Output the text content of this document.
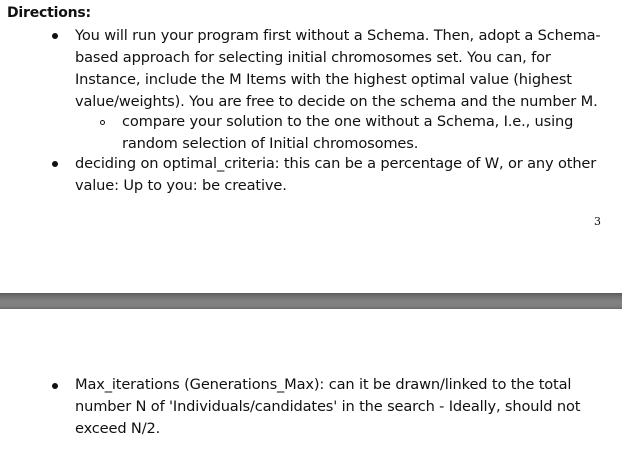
Directions:
You will run your program first without a Schema. Then, adopt a Schema-
based approach for selecting initial chromosomes set. You can, for
Instance, include the M Items with the highest optimal value (highest
value/weights). You are free to decide on the schema and the number M.
compare your solution to the one without a Schema, I.e., using
random selection of Initial chromosomes.
deciding on optimal_criteria: this can be a percentage of W, or any other
value: Up to you: be creative.
3
Max_iterations (Generations_Max): can it be drawn/linked to the total
number N of 'Individuals/candidates' in the search - Ideally, should not
exceed N/2.
